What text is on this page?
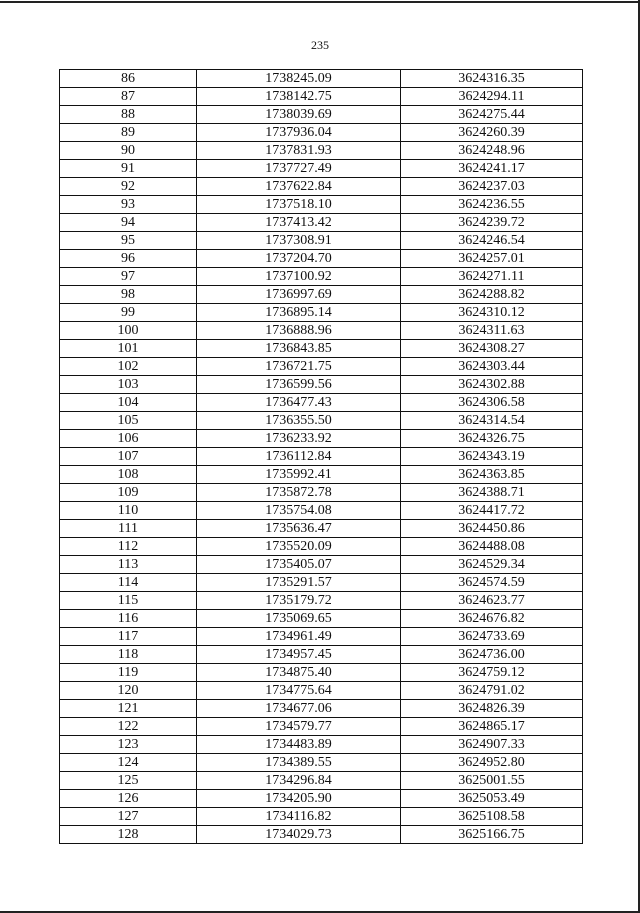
235
86	1738245.09	3624316.35
87	1738142.75	3624294.11
88	1738039.69	3624275.44
89	1737936.04	3624260.39
90	1737831.93	3624248.96
91	1737727.49	3624241.17
92	1737622.84	3624237.03
93	1737518.10	3624236.55
94	1737413.42	3624239.72
95	1737308.91	3624246.54
96	1737204.70	3624257.01
97	1737100.92	3624271.11
98	1736997.69	3624288.82
99	1736895.14	3624310.12
100	1736888.96	3624311.63
101	1736843.85	3624308.27
102	1736721.75	3624303.44
103	1736599.56	3624302.88
104	1736477.43	3624306.58
105	1736355.50	3624314.54
106	1736233.92	3624326.75
107	1736112.84	3624343.19
108	1735992.41	3624363.85
109	1735872.78	3624388.71
110	1735754.08	3624417.72
111	1735636.47	3624450.86
112	1735520.09	3624488.08
113	1735405.07	3624529.34
114	1735291.57	3624574.59
115	1735179.72	3624623.77
116	1735069.65	3624676.82
117	1734961.49	3624733.69
118	1734957.45	3624736.00
119	1734875.40	3624759.12
120	1734775.64	3624791.02
121	1734677.06	3624826.39
122	1734579.77	3624865.17
123	1734483.89	3624907.33
124	1734389.55	3624952.80
125	1734296.84	3625001.55
126	1734205.90	3625053.49
127	1734116.82	3625108.58
128	1734029.73	3625166.75
